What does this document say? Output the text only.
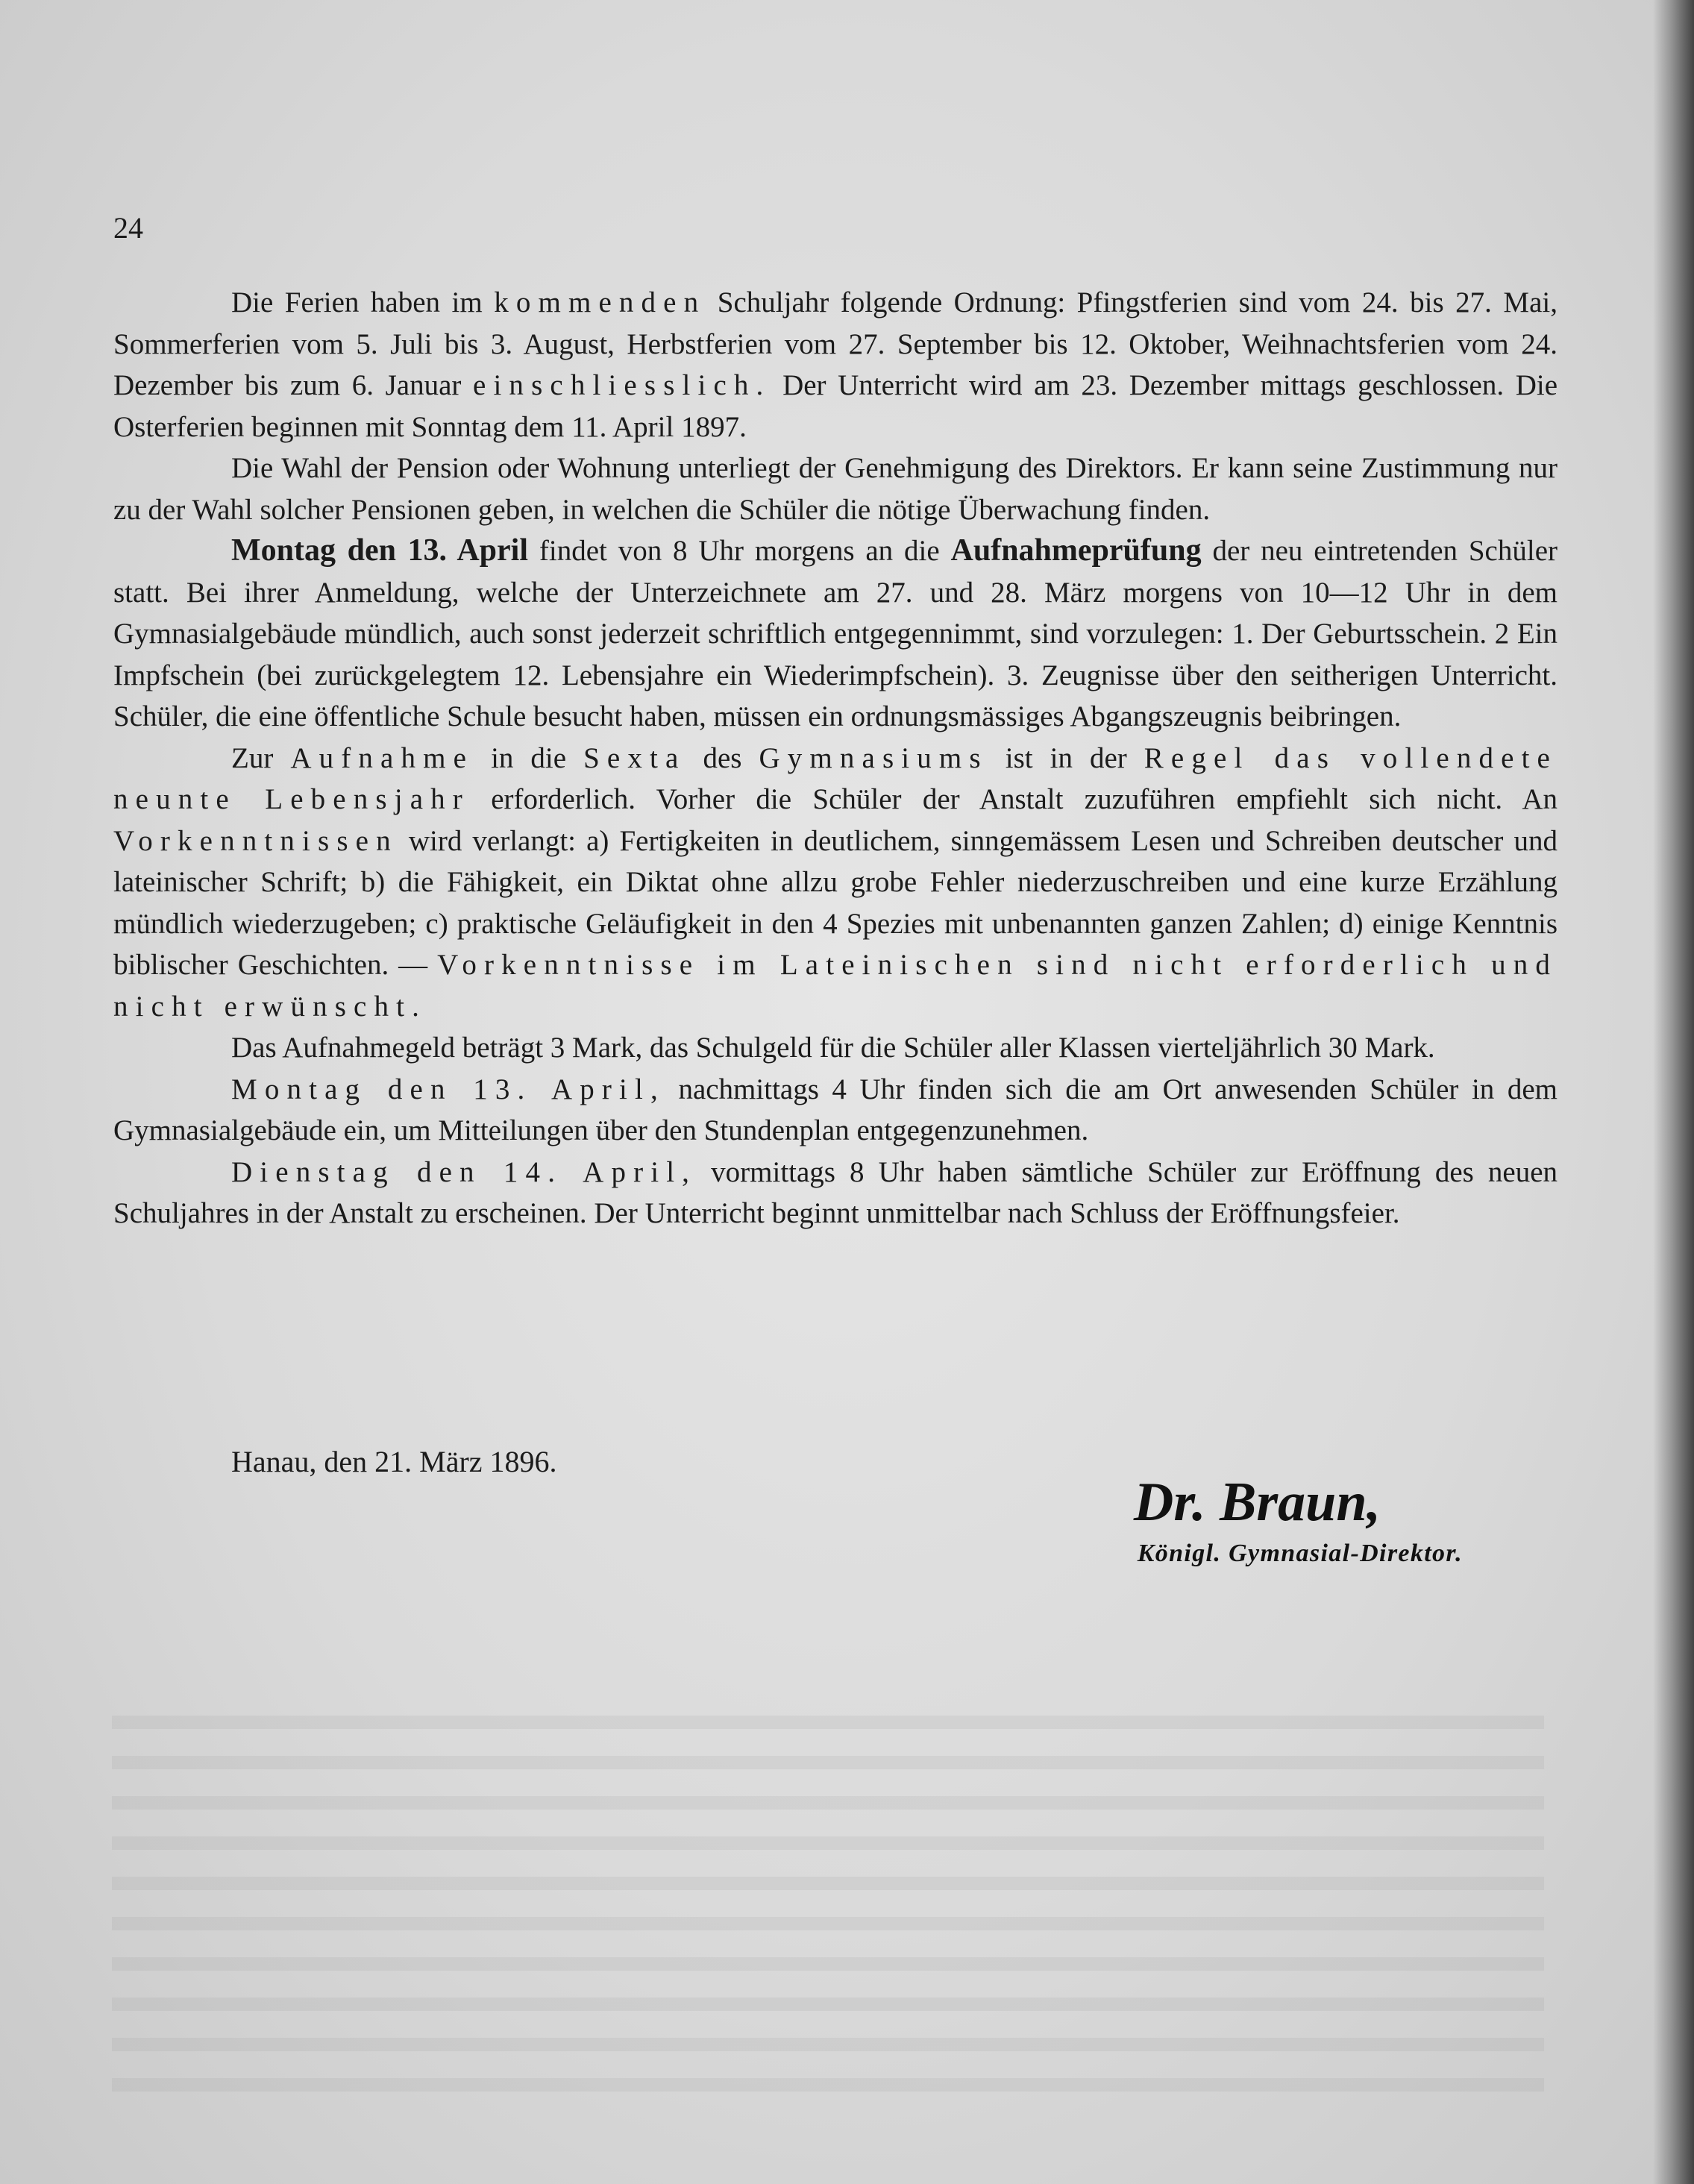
24

Die Ferien haben im kommenden Schuljahr folgende Ordnung: Pfingstferien sind vom 24. bis 27. Mai, Sommerferien vom 5. Juli bis 3. August, Herbstferien vom 27. September bis 12. Oktober, Weihnachtsferien vom 24. Dezember bis zum 6. Januar einschliesslich. Der Unterricht wird am 23. Dezember mittags geschlossen. Die Osterferien beginnen mit Sonntag dem 11. April 1897.

Die Wahl der Pension oder Wohnung unterliegt der Genehmigung des Direktors. Er kann seine Zustimmung nur zu der Wahl solcher Pensionen geben, in welchen die Schüler die nötige Überwachung finden.

Montag den 13. April findet von 8 Uhr morgens an die Aufnahmeprüfung der neu eintretenden Schüler statt. Bei ihrer Anmeldung, welche der Unterzeichnete am 27. und 28. März morgens von 10—12 Uhr in dem Gymnasialgebäude mündlich, auch sonst jederzeit schriftlich entgegennimmt, sind vorzulegen: 1. Der Geburtsschein. 2 Ein Impfschein (bei zurückgelegtem 12. Lebensjahre ein Wiederimpfschein). 3. Zeugnisse über den seitherigen Unterricht. Schüler, die eine öffentliche Schule besucht haben, müssen ein ordnungsmässiges Abgangszeugnis beibringen.

Zur Aufnahme in die Sexta des Gymnasiums ist in der Regel das vollendete neunte Lebensjahr erforderlich. Vorher die Schüler der Anstalt zuzuführen empfiehlt sich nicht. An Vorkenntnissen wird verlangt: a) Fertigkeiten in deutlichem, sinngemässem Lesen und Schreiben deutscher und lateinischer Schrift; b) die Fähigkeit, ein Diktat ohne allzu grobe Fehler niederzuschreiben und eine kurze Erzählung mündlich wiederzugeben; c) praktische Geläufigkeit in den 4 Spezies mit unbenannten ganzen Zahlen; d) einige Kenntnis biblischer Geschichten. — Vorkenntnisse im Lateinischen sind nicht erforderlich und nicht erwünscht.

Das Aufnahmegeld beträgt 3 Mark, das Schulgeld für die Schüler aller Klassen vierteljährlich 30 Mark.

Montag den 13. April, nachmittags 4 Uhr finden sich die am Ort anwesenden Schüler in dem Gymnasialgebäude ein, um Mitteilungen über den Stundenplan entgegenzunehmen.

Dienstag den 14. April, vormittags 8 Uhr haben sämtliche Schüler zur Eröffnung des neuen Schuljahres in der Anstalt zu erscheinen. Der Unterricht beginnt unmittelbar nach Schluss der Eröffnungsfeier.

Hanau, den 21. März 1896.
Dr. Braun,
Königl. Gymnasial-Direktor.
